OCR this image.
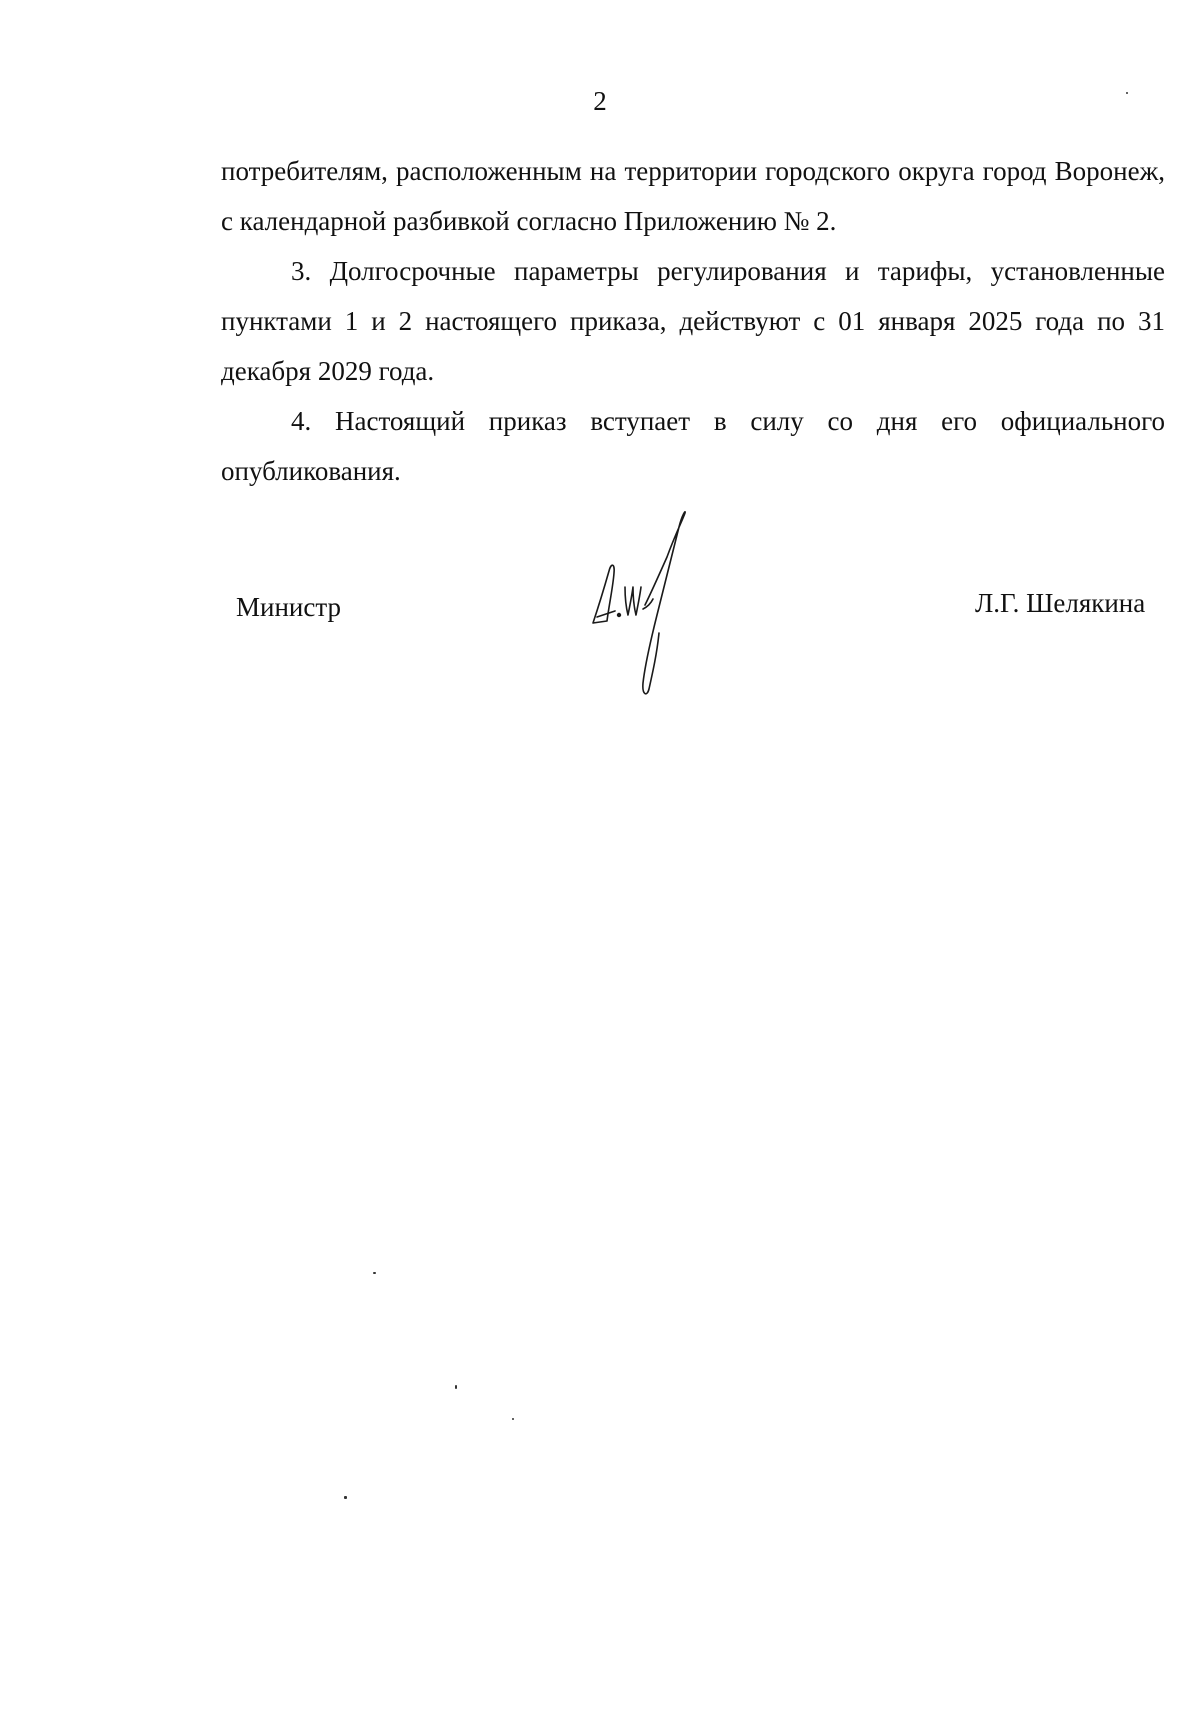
2

потребителям, расположенным на территории городского округа город Воронеж, с календарной разбивкой согласно Приложению № 2.

3. Долгосрочные параметры регулирования и тарифы, установленные пунктами 1 и 2 настоящего приказа, действуют с 01 января 2025 года по 31 декабря 2029 года.

4. Настоящий приказ вступает в силу со дня его официального опубликования.

Министр	Л.Г. Шелякина
